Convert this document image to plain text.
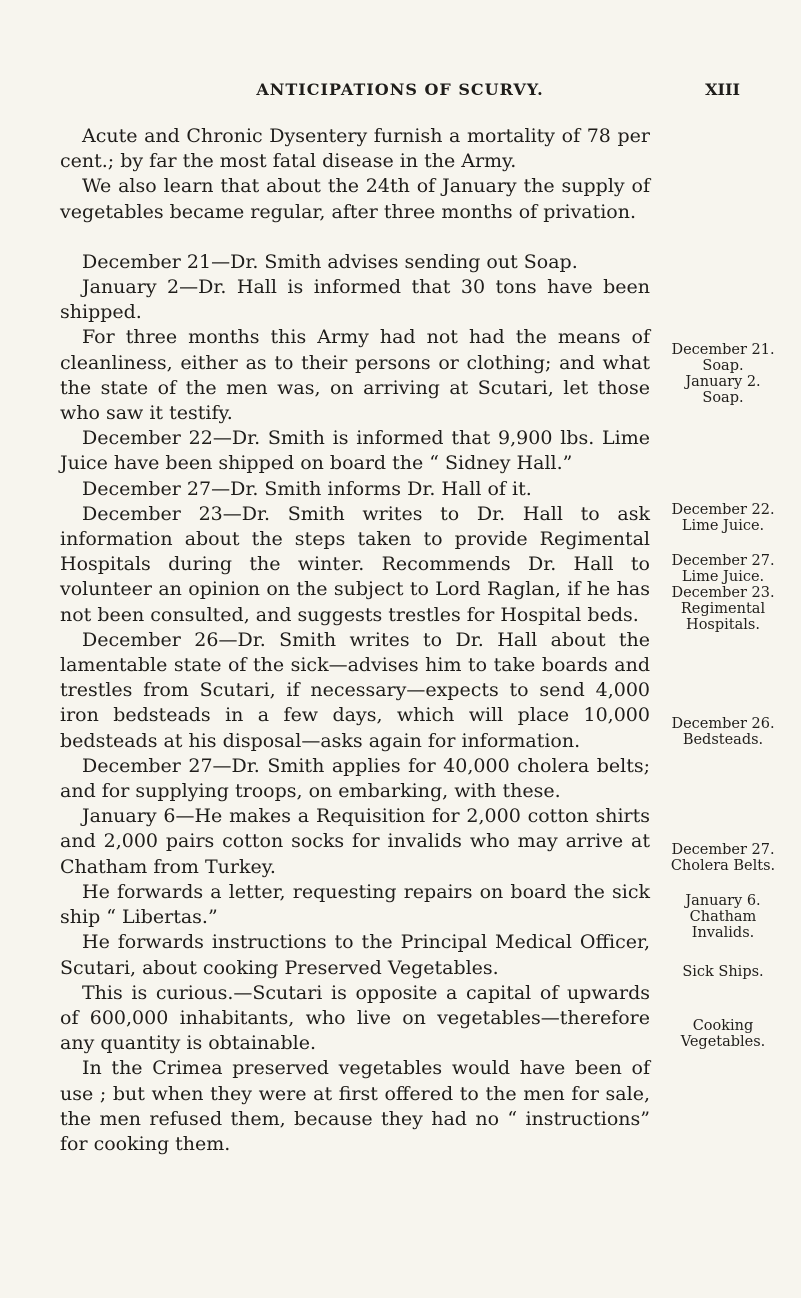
ANTICIPATIONS OF SCURVY.	XIII

Acute and Chronic Dysentery furnish a mortality of 78 per cent.; by far the most fatal disease in the Army.

We also learn that about the 24th of January the supply of vegetables became regular, after three months of privation.

December 21—Dr. Smith advises sending out Soap.

January 2—Dr. Hall is informed that 30 tons have been shipped.

For three months this Army had not had the means of cleanliness, either as to their persons or clothing; and what the state of the men was, on arriving at Scutari, let those who saw it testify.

December 22—Dr. Smith is informed that 9,900 lbs. Lime Juice have been shipped on board the “ Sidney Hall.”

December 27—Dr. Smith informs Dr. Hall of it.

December 23—Dr. Smith writes to Dr. Hall to ask information about the steps taken to provide Regimental Hospitals during the winter. Recommends Dr. Hall to volunteer an opinion on the subject to Lord Raglan, if he has not been consulted, and suggests trestles for Hospital beds.

December 26—Dr. Smith writes to Dr. Hall about the lamentable state of the sick—advises him to take boards and trestles from Scutari, if necessary—expects to send 4,000 iron bedsteads in a few days, which will place 10,000 bedsteads at his disposal—asks again for information.

December 27—Dr. Smith applies for 40,000 cholera belts; and for supplying troops, on embarking, with these.

January 6—He makes a Requisition for 2,000 cotton shirts and 2,000 pairs cotton socks for invalids who may arrive at Chatham from Turkey.

He forwards a letter, requesting repairs on board the sick ship “ Libertas.”

He forwards instructions to the Principal Medical Officer, Scutari, about cooking Preserved Vegetables.

This is curious.—Scutari is opposite a capital of upwards of 600,000 inhabitants, who live on vegetables—therefore any quantity is obtainable.

In the Crimea preserved vegetables would have been of use ; but when they were at first offered to the men for sale, the men refused them, because they had no “ instructions” for cooking them.

December 21.
Soap.
January 2.
Soap.
December 22.
Lime Juice.
December 27.
Lime Juice.
December 23.
Regimental
Hospitals.
December 26.
Bedsteads.
December 27.
Cholera Belts.
January 6.
Chatham
Invalids.
Sick Ships.
Cooking
Vegetables.
